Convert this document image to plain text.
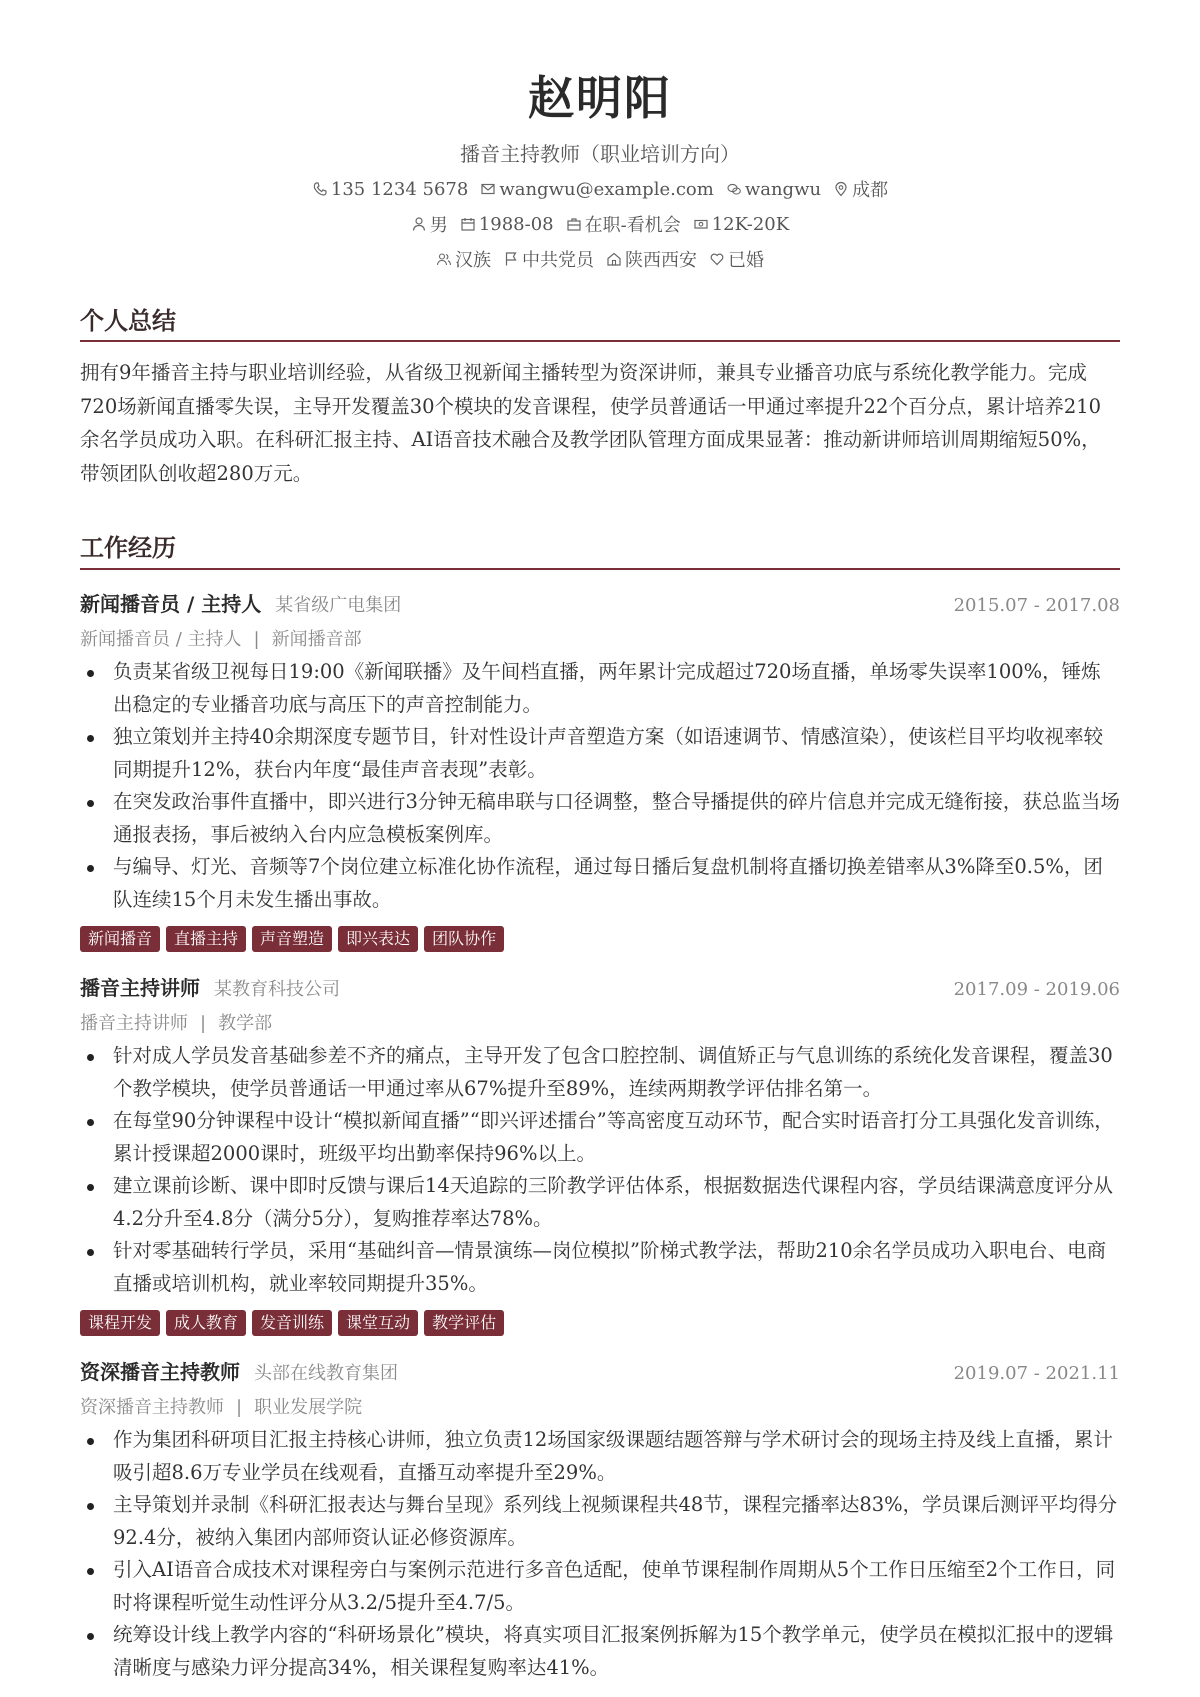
赵明阳
播音主持教师（职业培训方向）
135 1234 5678 wangwu@example.com wangwu 成都
男 1988-08 在职-看机会 12K-20K
汉族 中共党员 陕西西安 已婚
个人总结
拥有9年播音主持与职业培训经验，从省级卫视新闻主播转型为资深讲师，兼具专业播音功底与系统化教学能力。完成720场新闻直播零失误，主导开发覆盖30个模块的发音课程，使学员普通话一甲通过率提升22个百分点，累计培养210余名学员成功入职。在科研汇报主持、AI语音技术融合及教学团队管理方面成果显著：推动新讲师培训周期缩短50%，带领团队创收超280万元。
工作经历
新闻播音员 / 主持人 某省级广电集团	2015.07 - 2017.08
新闻播音员 / 主持人 | 新闻播音部
负责某省级卫视每日19:00《新闻联播》及午间档直播，两年累计完成超过720场直播，单场零失误率100%，锤炼出稳定的专业播音功底与高压下的声音控制能力。
独立策划并主持40余期深度专题节目，针对性设计声音塑造方案（如语速调节、情感渲染），使该栏目平均收视率较同期提升12%，获台内年度“最佳声音表现”表彰。
在突发政治事件直播中，即兴进行3分钟无稿串联与口径调整，整合导播提供的碎片信息并完成无缝衔接，获总监当场通报表扬，事后被纳入台内应急模板案例库。
与编导、灯光、音频等7个岗位建立标准化协作流程，通过每日播后复盘机制将直播切换差错率从3%降至0.5%，团队连续15个月未发生播出事故。
新闻播音	直播主持	声音塑造	即兴表达	团队协作
播音主持讲师 某教育科技公司	2017.09 - 2019.06
播音主持讲师 | 教学部
针对成人学员发音基础参差不齐的痛点，主导开发了包含口腔控制、调值矫正与气息训练的系统化发音课程，覆盖30个教学模块，使学员普通话一甲通过率从67%提升至89%，连续两期教学评估排名第一。
在每堂90分钟课程中设计“模拟新闻直播”“即兴评述擂台”等高密度互动环节，配合实时语音打分工具强化发音训练，累计授课超2000课时，班级平均出勤率保持96%以上。
建立课前诊断、课中即时反馈与课后14天追踪的三阶教学评估体系，根据数据迭代课程内容，学员结课满意度评分从4.2分升至4.8分（满分5分），复购推荐率达78%。
针对零基础转行学员，采用“基础纠音—情景演练—岗位模拟”阶梯式教学法，帮助210余名学员成功入职电台、电商直播或培训机构，就业率较同期提升35%。
课程开发	成人教育	发音训练	课堂互动	教学评估
资深播音主持教师 头部在线教育集团	2019.07 - 2021.11
资深播音主持教师 | 职业发展学院
作为集团科研项目汇报主持核心讲师，独立负责12场国家级课题结题答辩与学术研讨会的现场主持及线上直播，累计吸引超8.6万专业学员在线观看，直播互动率提升至29%。
主导策划并录制《科研汇报表达与舞台呈现》系列线上视频课程共48节，课程完播率达83%，学员课后测评平均得分92.4分，被纳入集团内部师资认证必修资源库。
引入AI语音合成技术对课程旁白与案例示范进行多音色适配，使单节课程制作周期从5个工作日压缩至2个工作日，同时将课程听觉生动性评分从3.2/5提升至4.7/5。
统筹设计线上教学内容的“科研场景化”模块，将真实项目汇报案例拆解为15个教学单元，使学员在模拟汇报中的逻辑清晰度与感染力评分提高34%，相关课程复购率达41%。
